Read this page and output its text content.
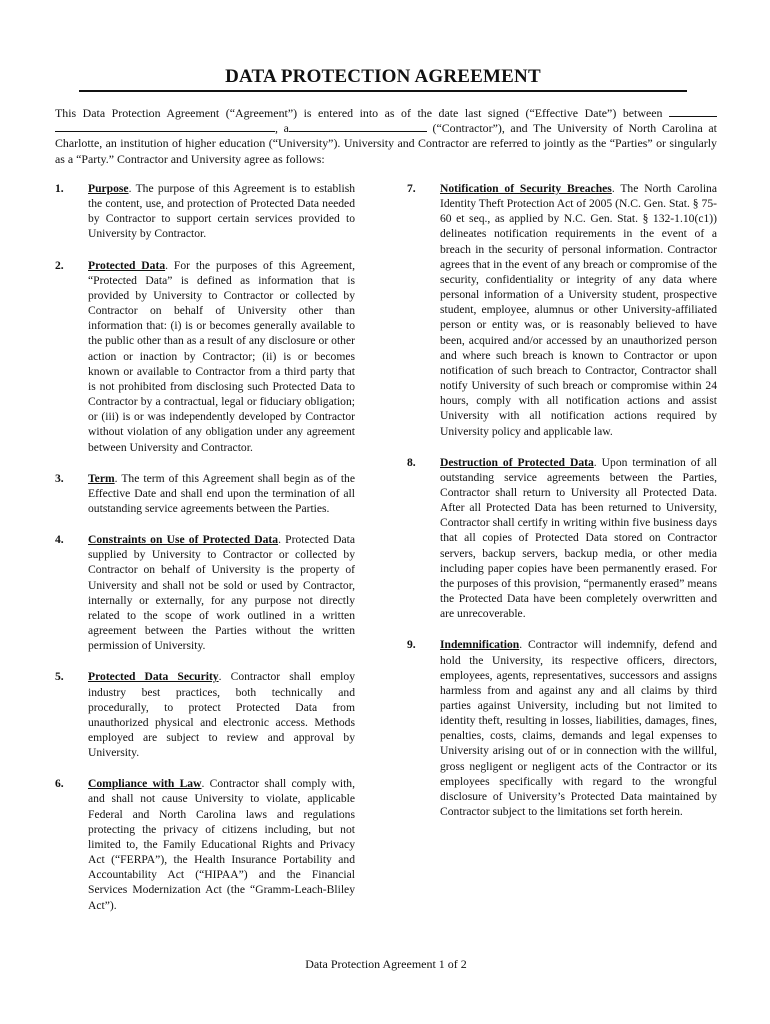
DATA PROTECTION AGREEMENT
This Data Protection Agreement (“Agreement”) is entered into as of the date last signed (“Effective Date”) between  , a	(“Contractor”), and The University of North Carolina at Charlotte, an institution of higher education (“University”). University and Contractor are referred to jointly as the “Parties” or singularly as a “Party.” Contractor and University agree as follows:
1.	Purpose. The purpose of this Agreement is to establish the content, use, and protection of Protected Data needed by Contractor to support certain services provided to University by Contractor.
2.	Protected Data. For the purposes of this Agreement, “Protected Data” is defined as information that is provided by University to Contractor or collected by Contractor on behalf of University other than information that: (i) is or becomes generally available to the public other than as a result of any disclosure or other action or inaction by Contractor; (ii) is or becomes known or available to Contractor from a third party that is not prohibited from disclosing such Protected Data to Contractor by a contractual, legal or fiduciary obligation; or (iii) is or was independently developed by Contractor without violation of any obligation under any agreement between University and Contractor.
3.	Term. The term of this Agreement shall begin as of the Effective Date and shall end upon the termination of all outstanding service agreements between the Parties.
4.	Constraints on Use of Protected Data. Protected Data supplied by University to Contractor or collected by Contractor on behalf of University is the property of University and shall not be sold or used by Contractor, internally or externally, for any purpose not directly related to the scope of work outlined in a written agreement between the Parties without the written permission of University.
5.	Protected Data Security. Contractor shall employ industry best practices, both technically and procedurally, to protect Protected Data from unauthorized physical and electronic access. Methods employed are subject to review and approval by University.
6.	Compliance with Law. Contractor shall comply with, and shall not cause University to violate, applicable Federal and North Carolina laws and regulations protecting the privacy of citizens including, but not limited to, the Family Educational Rights and Privacy Act (“FERPA”), the Health Insurance Portability and Accountability Act (“HIPAA”) and the Financial Services Modernization Act (the “Gramm-Leach-Bliley Act”).
7.	Notification of Security Breaches. The North Carolina Identity Theft Protection Act of 2005 (N.C. Gen. Stat. § 75-60 et seq., as applied by N.C. Gen. Stat. § 132-1.10(c1)) delineates notification requirements in the event of a breach in the security of personal information. Contractor agrees that in the event of any breach or compromise of the security, confidentiality or integrity of any data where personal information of a University student, prospective student, employee, alumnus or other University-affiliated person or entity was, or is reasonably believed to have been, acquired and/or accessed by an unauthorized person and where such breach is known to Contractor or upon notification of such breach to Contractor, Contractor shall notify University of such breach or compromise within 24 hours, comply with all notification actions and assist University with all notification actions required by University policy and applicable law.
8.	Destruction of Protected Data. Upon termination of all outstanding service agreements between the Parties, Contractor shall return to University all Protected Data. After all Protected Data has been returned to University, Contractor shall certify in writing within five business days that all copies of Protected Data stored on Contractor servers, backup servers, backup media, or other media including paper copies have been permanently erased. For the purposes of this provision, “permanently erased” means the Protected Data have been completely overwritten and are unrecoverable.
9.	Indemnification. Contractor will indemnify, defend and hold the University, its respective officers, directors, employees, agents, representatives, successors and assigns harmless from and against any and all claims by third parties against University, including but not limited to identity theft, resulting in losses, liabilities, damages, fines, penalties, costs, claims, demands and legal expenses to University arising out of or in connection with the willful, gross negligent or negligent acts of the Contractor or its employees specifically with regard to the wrongful disclosure of University’s Protected Data maintained by Contractor subject to the limitations set forth herein.
Data Protection Agreement 1 of 2
